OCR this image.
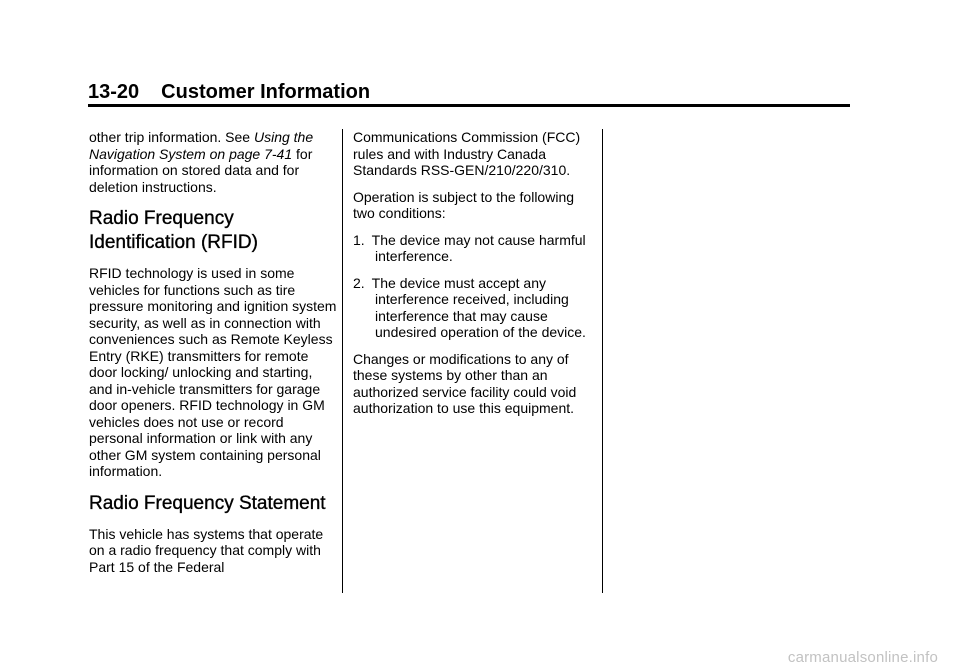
13-20 Customer Information

other trip information. See Using the Navigation System on page 7-41 for information on stored data and for deletion instructions.

Radio Frequency Identification (RFID)

RFID technology is used in some vehicles for functions such as tire pressure monitoring and ignition system security, as well as in connection with conveniences such as Remote Keyless Entry (RKE) transmitters for remote door locking/ unlocking and starting, and in-vehicle transmitters for garage door openers. RFID technology in GM vehicles does not use or record personal information or link with any other GM system containing personal information.

Radio Frequency Statement

This vehicle has systems that operate on a radio frequency that comply with Part 15 of the Federal

Communications Commission (FCC) rules and with Industry Canada Standards RSS-GEN/210/220/310.

Operation is subject to the following two conditions:

1. The device may not cause harmful interference.
2. The device must accept any interference received, including interference that may cause undesired operation of the device.

Changes or modifications to any of these systems by other than an authorized service facility could void authorization to use this equipment.

carmanualsonline.info
